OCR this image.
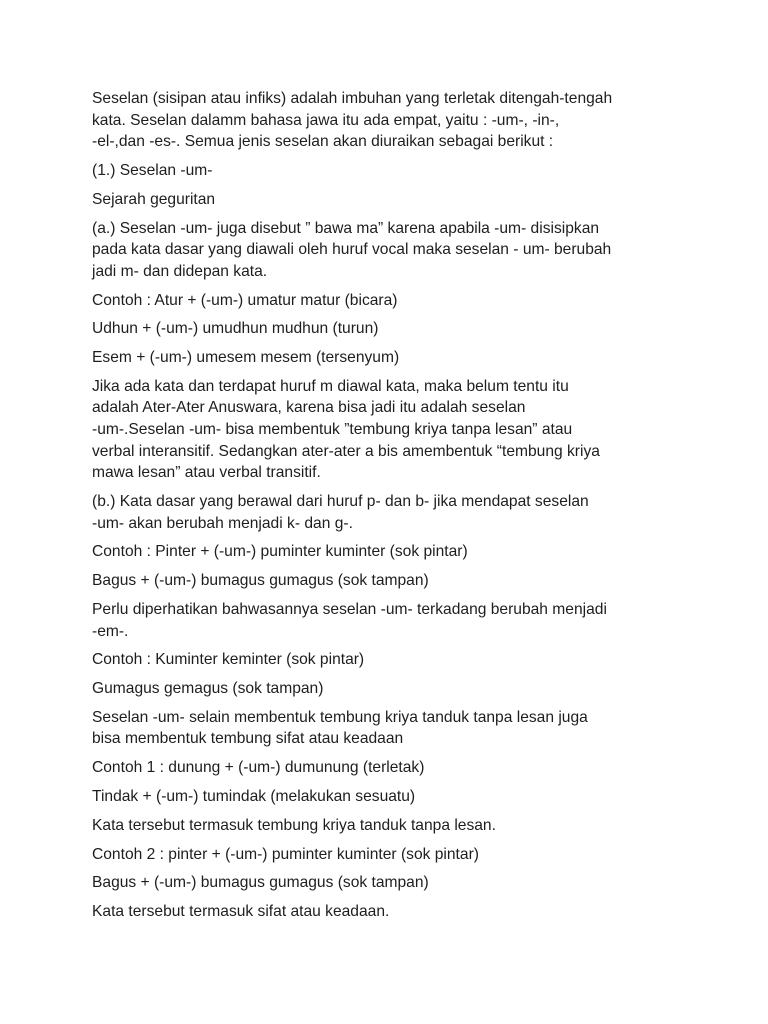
Seselan (sisipan atau infiks) adalah imbuhan yang terletak ditengah-tengah
kata. Seselan dalamm bahasa jawa itu ada empat, yaitu : -um-, -in-,
-el-,dan -es-. Semua jenis seselan akan diuraikan sebagai berikut :

(1.) Seselan -um-

Sejarah geguritan

(a.) Seselan -um- juga disebut ” bawa ma” karena apabila -um- disisipkan
pada kata dasar yang diawali oleh huruf vocal maka seselan - um- berubah
jadi m- dan didepan kata.

Contoh : Atur + (-um-) umatur matur (bicara)

Udhun + (-um-) umudhun mudhun (turun)

Esem + (-um-) umesem mesem (tersenyum)

Jika ada kata dan terdapat huruf m diawal kata, maka belum tentu itu
adalah Ater-Ater Anuswara, karena bisa jadi itu adalah seselan
-um-.Seselan -um- bisa membentuk ”tembung kriya tanpa lesan” atau
verbal interansitif. Sedangkan ater-ater a bis amembentuk “tembung kriya
mawa lesan” atau verbal transitif.

(b.) Kata dasar yang berawal dari huruf p- dan b- jika mendapat seselan
-um- akan berubah menjadi k- dan g-.

Contoh : Pinter + (-um-) puminter kuminter (sok pintar)

Bagus + (-um-) bumagus gumagus (sok tampan)

Perlu diperhatikan bahwasannya seselan -um- terkadang berubah menjadi
-em-.

Contoh : Kuminter keminter (sok pintar)

Gumagus gemagus (sok tampan)

Seselan -um- selain membentuk tembung kriya tanduk tanpa lesan juga
bisa membentuk tembung sifat atau keadaan

Contoh 1 : dunung + (-um-) dumunung (terletak)

Tindak + (-um-) tumindak (melakukan sesuatu)

Kata tersebut termasuk tembung kriya tanduk tanpa lesan.

Contoh 2 : pinter + (-um-) puminter kuminter (sok pintar)

Bagus + (-um-) bumagus gumagus (sok tampan)

Kata tersebut termasuk sifat atau keadaan.
